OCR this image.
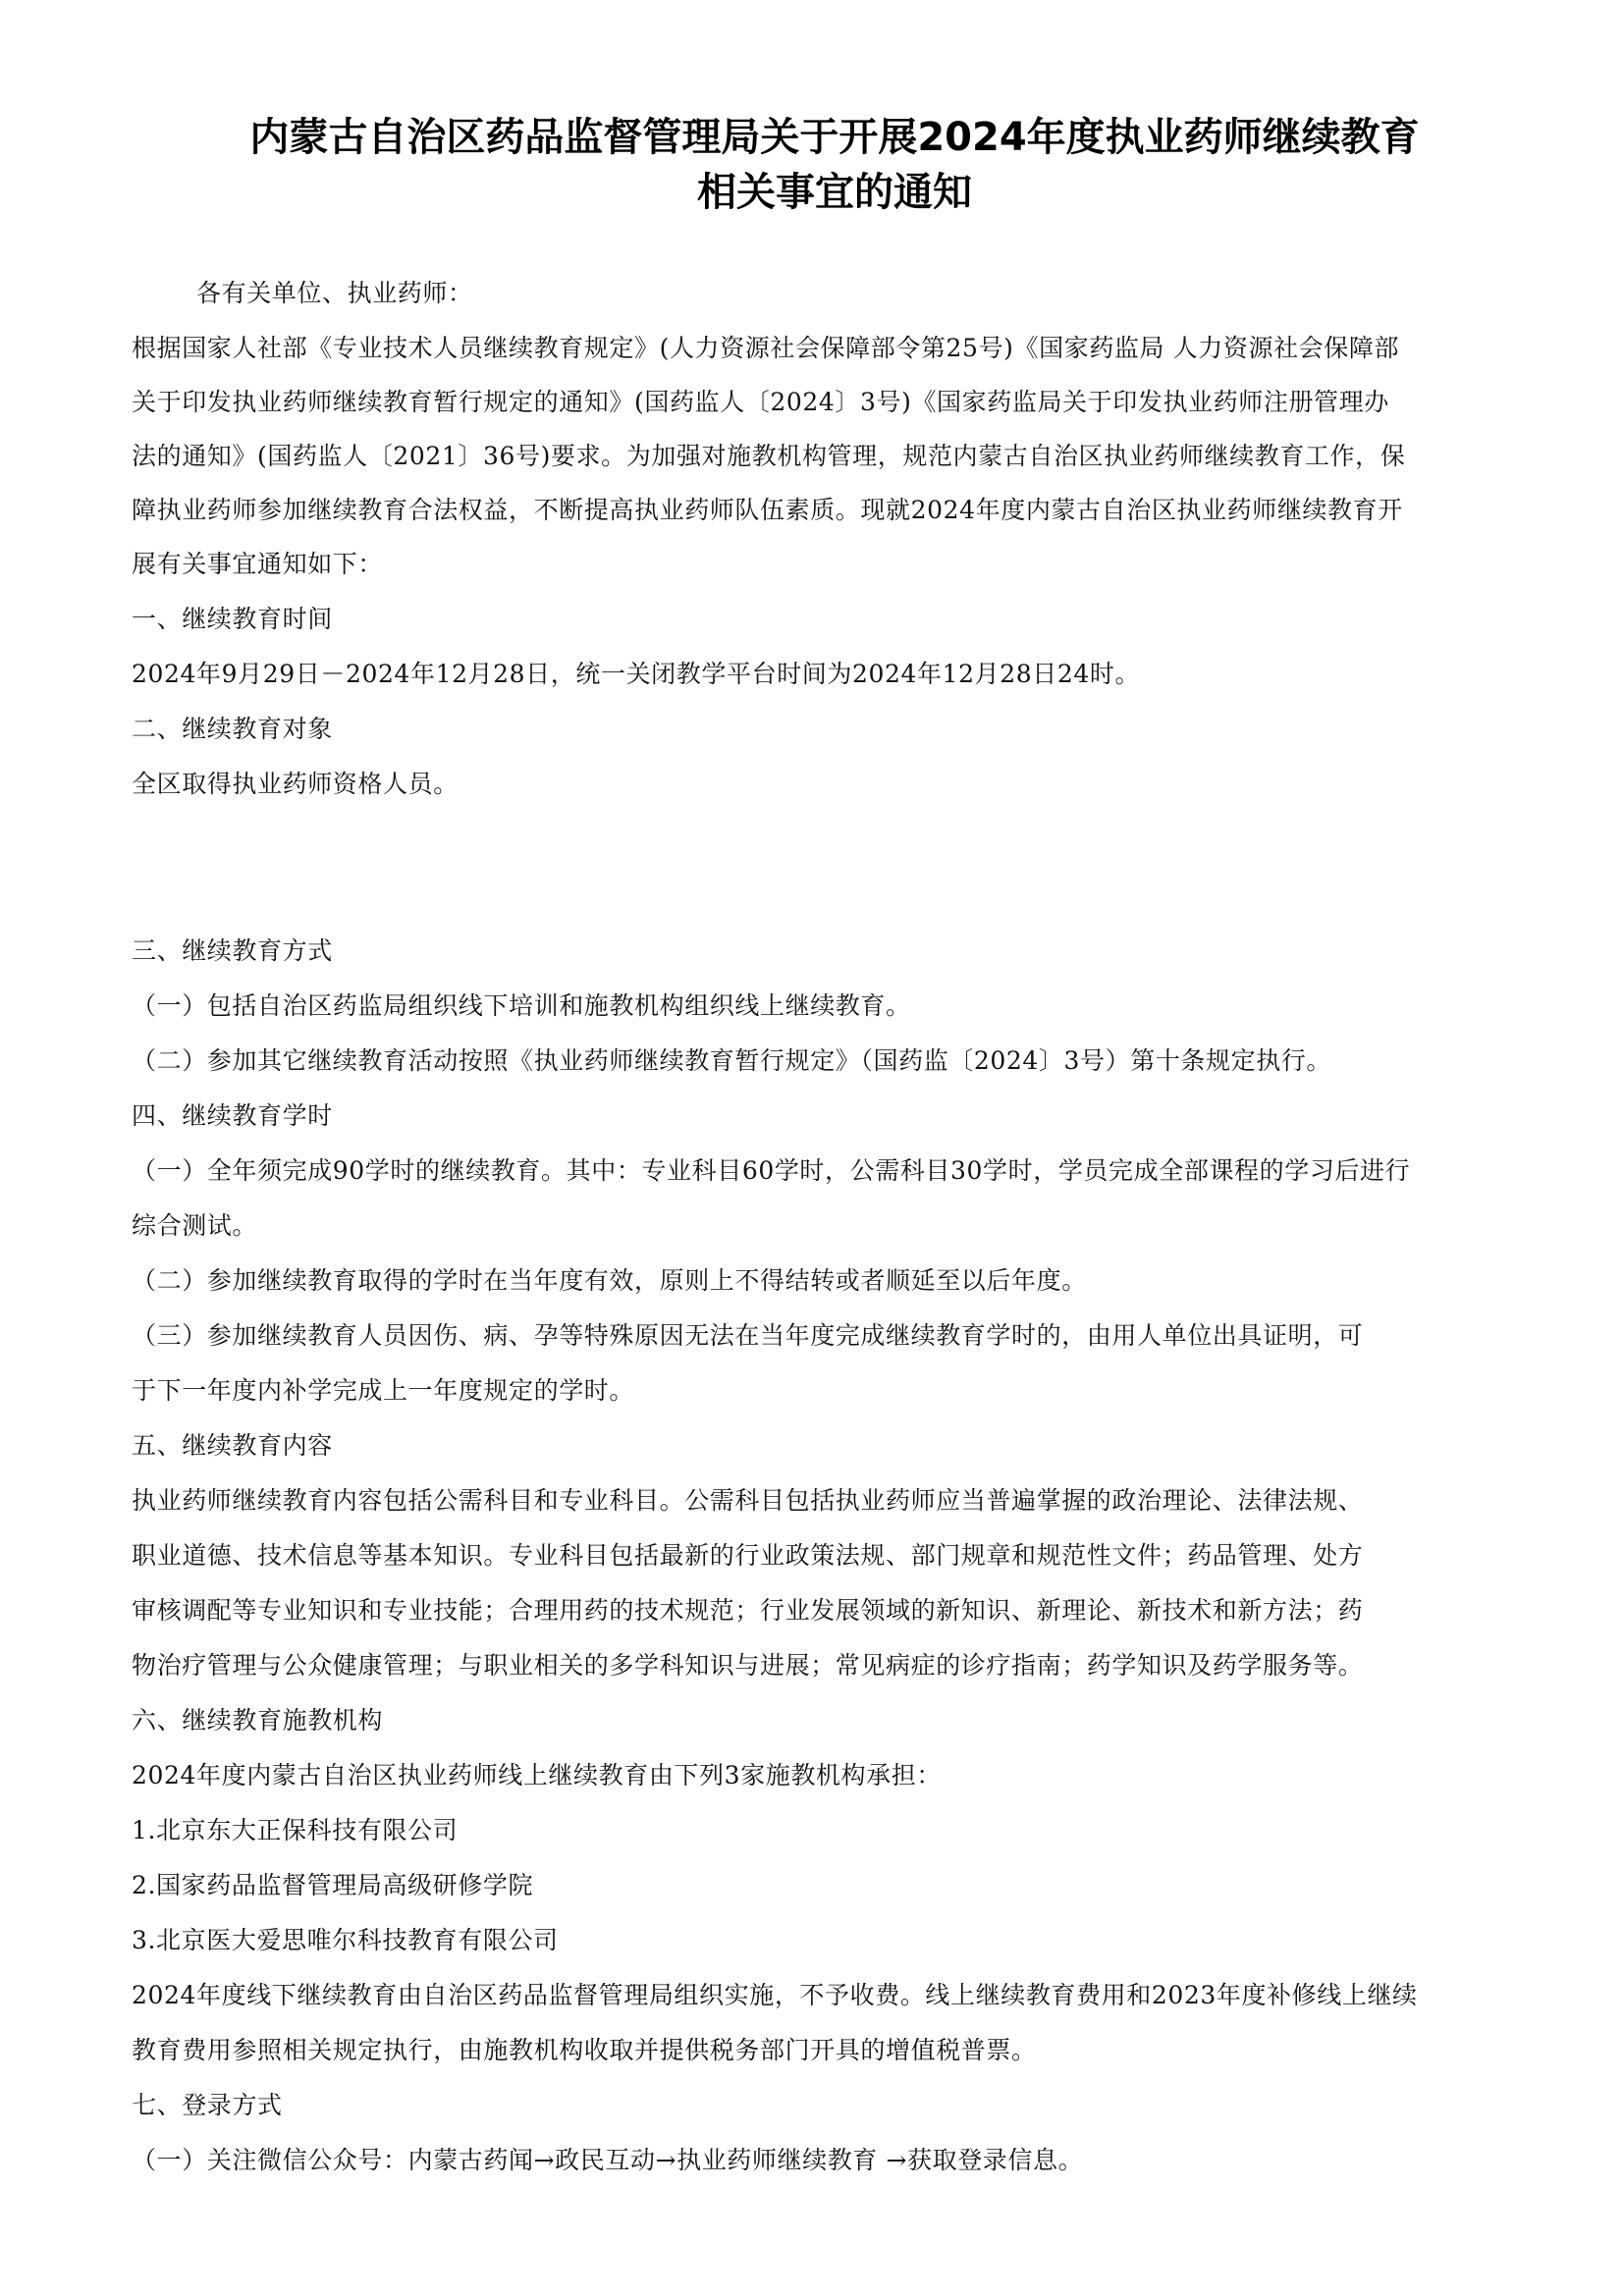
内蒙古自治区药品监督管理局关于开展2024年度执业药师继续教育
相关事宜的通知
各有关单位、执业药师：
根据国家人社部《专业技术人员继续教育规定》(人力资源社会保障部令第25号)《国家药监局 人力资源社会保障部
关于印发执业药师继续教育暂行规定的通知》(国药监人〔2024〕3号)《国家药监局关于印发执业药师注册管理办
法的通知》(国药监人〔2021〕36号)要求。为加强对施教机构管理，规范内蒙古自治区执业药师继续教育工作，保
障执业药师参加继续教育合法权益，不断提高执业药师队伍素质。现就2024年度内蒙古自治区执业药师继续教育开
展有关事宜通知如下：
一、继续教育时间
2024年9月29日－2024年12月28日，统一关闭教学平台时间为2024年12月28日24时。
二、继续教育对象
全区取得执业药师资格人员。
三、继续教育方式
（一）包括自治区药监局组织线下培训和施教机构组织线上继续教育。
（二）参加其它继续教育活动按照《执业药师继续教育暂行规定》（国药监〔2024〕3号）第十条规定执行。
四、继续教育学时
（一）全年须完成90学时的继续教育。其中：专业科目60学时，公需科目30学时，学员完成全部课程的学习后进行
综合测试。
（二）参加继续教育取得的学时在当年度有效，原则上不得结转或者顺延至以后年度。
（三）参加继续教育人员因伤、病、孕等特殊原因无法在当年度完成继续教育学时的，由用人单位出具证明，可
于下一年度内补学完成上一年度规定的学时。
五、继续教育内容
执业药师继续教育内容包括公需科目和专业科目。公需科目包括执业药师应当普遍掌握的政治理论、法律法规、
职业道德、技术信息等基本知识。专业科目包括最新的行业政策法规、部门规章和规范性文件；药品管理、处方
审核调配等专业知识和专业技能；合理用药的技术规范；行业发展领域的新知识、新理论、新技术和新方法；药
物治疗管理与公众健康管理；与职业相关的多学科知识与进展；常见病症的诊疗指南；药学知识及药学服务等。
六、继续教育施教机构
2024年度内蒙古自治区执业药师线上继续教育由下列3家施教机构承担：
1.北京东大正保科技有限公司
2.国家药品监督管理局高级研修学院
3.北京医大爱思唯尔科技教育有限公司
2024年度线下继续教育由自治区药品监督管理局组织实施，不予收费。线上继续教育费用和2023年度补修线上继续
教育费用参照相关规定执行，由施教机构收取并提供税务部门开具的增值税普票。
七、登录方式
（一）关注微信公众号：内蒙古药闻→政民互动→执业药师继续教育 →获取登录信息。
